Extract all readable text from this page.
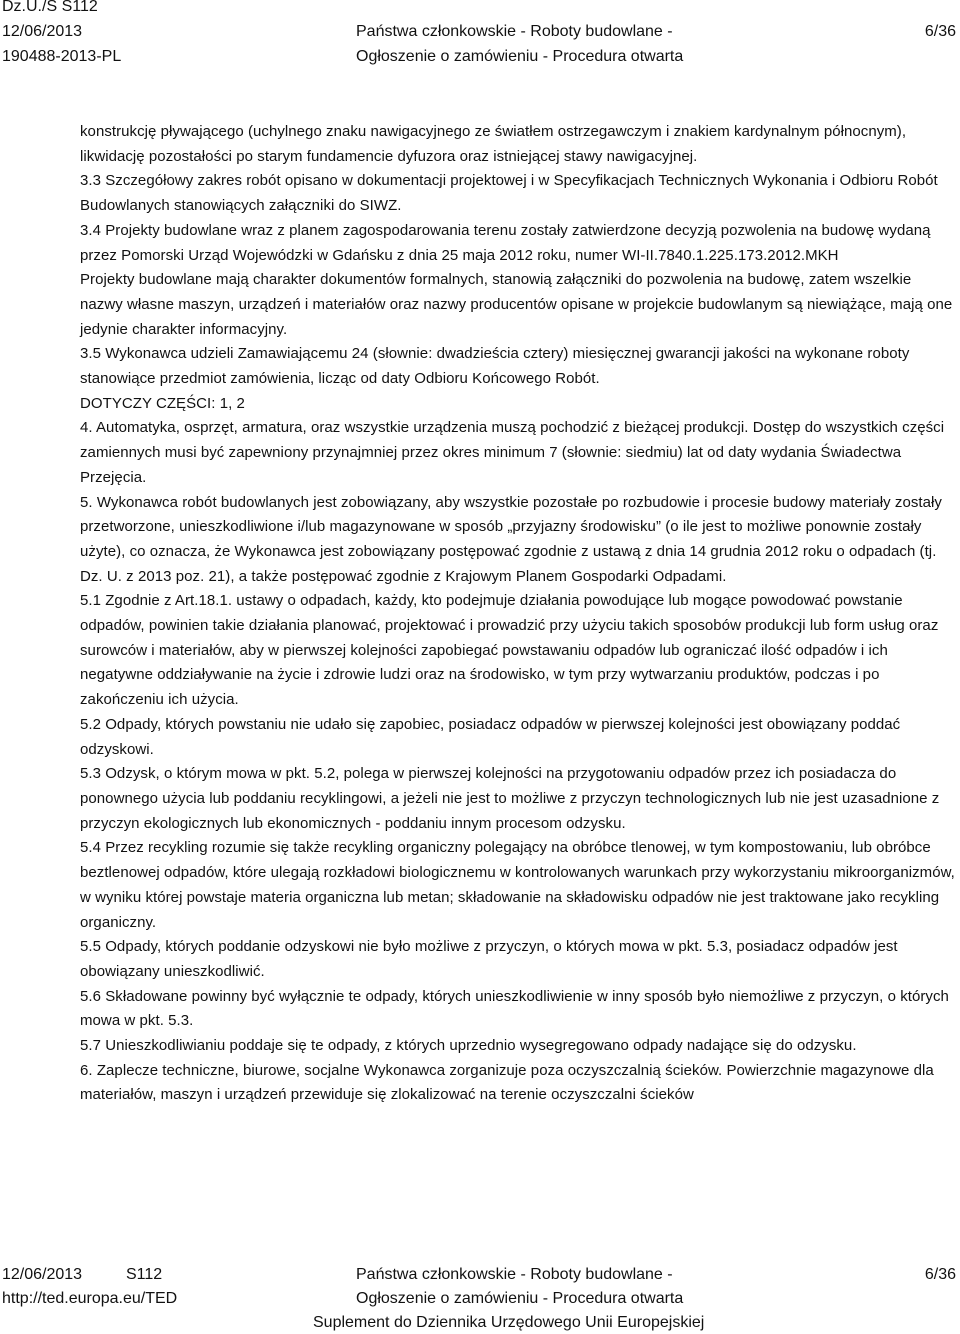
Dz.U./S S112
12/06/2013
190488-2013-PL
Państwa członkowskie - Roboty budowlane -
Ogłoszenie o zamówieniu - Procedura otwarta
6/36

konstrukcję pływającego (uchylnego znaku nawigacyjnego ze światłem ostrzegawczym i znakiem kardynalnym północnym),

likwidację pozostałości po starym fundamencie dyfuzora oraz istniejącej stawy nawigacyjnej.

3.3 Szczegółowy zakres robót opisano w dokumentacji projektowej i w Specyfikacjach Technicznych Wykonania i Odbioru Robót Budowlanych stanowiących załączniki do SIWZ.

3.4 Projekty budowlane wraz z planem zagospodarowania terenu zostały zatwierdzone decyzją pozwolenia na budowę wydaną przez Pomorski Urząd Wojewódzki w Gdańsku z dnia 25 maja 2012 roku, numer WI-II.7840.1.225.173.2012.MKH

Projekty budowlane mają charakter dokumentów formalnych, stanowią załączniki do pozwolenia na budowę, zatem wszelkie nazwy własne maszyn, urządzeń i materiałów oraz nazwy producentów opisane w projekcie budowlanym są niewiążące, mają one jedynie charakter informacyjny.

3.5 Wykonawca udzieli Zamawiającemu 24 (słownie: dwadzieścia cztery) miesięcznej gwarancji jakości na wykonane roboty stanowiące przedmiot zamówienia, licząc od daty Odbioru Końcowego Robót.

DOTYCZY CZĘŚCI: 1, 2

4. Automatyka, osprzęt, armatura, oraz wszystkie urządzenia muszą pochodzić z bieżącej produkcji. Dostęp do wszystkich części zamiennych musi być zapewniony przynajmniej przez okres minimum 7 (słownie: siedmiu) lat od daty wydania Świadectwa Przejęcia.

5. Wykonawca robót budowlanych jest zobowiązany, aby wszystkie pozostałe po rozbudowie i procesie budowy materiały zostały przetworzone, unieszkodliwione i/lub magazynowane w sposób „przyjazny środowisku” (o ile jest to możliwe ponownie zostały użyte), co oznacza, że Wykonawca jest zobowiązany postępować zgodnie z ustawą z dnia 14 grudnia 2012 roku o odpadach (tj. Dz. U. z 2013 poz. 21), a także postępować zgodnie z Krajowym Planem Gospodarki Odpadami.

5.1 Zgodnie z Art.18.1. ustawy o odpadach, każdy, kto podejmuje działania powodujące lub mogące powodować powstanie odpadów, powinien takie działania planować, projektować i prowadzić przy użyciu takich sposobów produkcji lub form usług oraz surowców i materiałów, aby w pierwszej kolejności zapobiegać powstawaniu odpadów lub ograniczać ilość odpadów i ich negatywne oddziaływanie na życie i zdrowie ludzi oraz na środowisko, w tym przy wytwarzaniu produktów, podczas i po zakończeniu ich użycia.

5.2 Odpady, których powstaniu nie udało się zapobiec, posiadacz odpadów w pierwszej kolejności jest obowiązany poddać odzyskowi.

5.3 Odzysk, o którym mowa w pkt. 5.2, polega w pierwszej kolejności na przygotowaniu odpadów przez ich posiadacza do ponownego użycia lub poddaniu recyklingowi, a jeżeli nie jest to możliwe z przyczyn technologicznych lub nie jest uzasadnione z przyczyn ekologicznych lub ekonomicznych - poddaniu innym procesom odzysku.

5.4 Przez recykling rozumie się także recykling organiczny polegający na obróbce tlenowej, w tym kompostowaniu, lub obróbce beztlenowej odpadów, które ulegają rozkładowi biologicznemu w kontrolowanych warunkach przy wykorzystaniu mikroorganizmów, w wyniku której powstaje materia organiczna lub metan; składowanie na składowisku odpadów nie jest traktowane jako recykling organiczny.

5.5 Odpady, których poddanie odzyskowi nie było możliwe z przyczyn, o których mowa w pkt. 5.3, posiadacz odpadów jest obowiązany unieszkodliwić.

5.6 Składowane powinny być wyłącznie te odpady, których unieszkodliwienie w inny sposób było niemożliwe z przyczyn, o których mowa w pkt. 5.3.

5.7 Unieszkodliwianiu poddaje się te odpady, z których uprzednio wysegregowano odpady nadające się do odzysku.

6. Zaplecze techniczne, biurowe, socjalne Wykonawca zorganizuje poza oczyszczalnią ścieków. Powierzchnie magazynowe dla materiałów, maszyn i urządzeń przewiduje się zlokalizować na terenie oczyszczalni ścieków

12/06/2013	S112
http://ted.europa.eu/TED
Państwa członkowskie - Roboty budowlane -
Ogłoszenie o zamówieniu - Procedura otwarta
Suplement do Dziennika Urzędowego Unii Europejskiej
6/36
